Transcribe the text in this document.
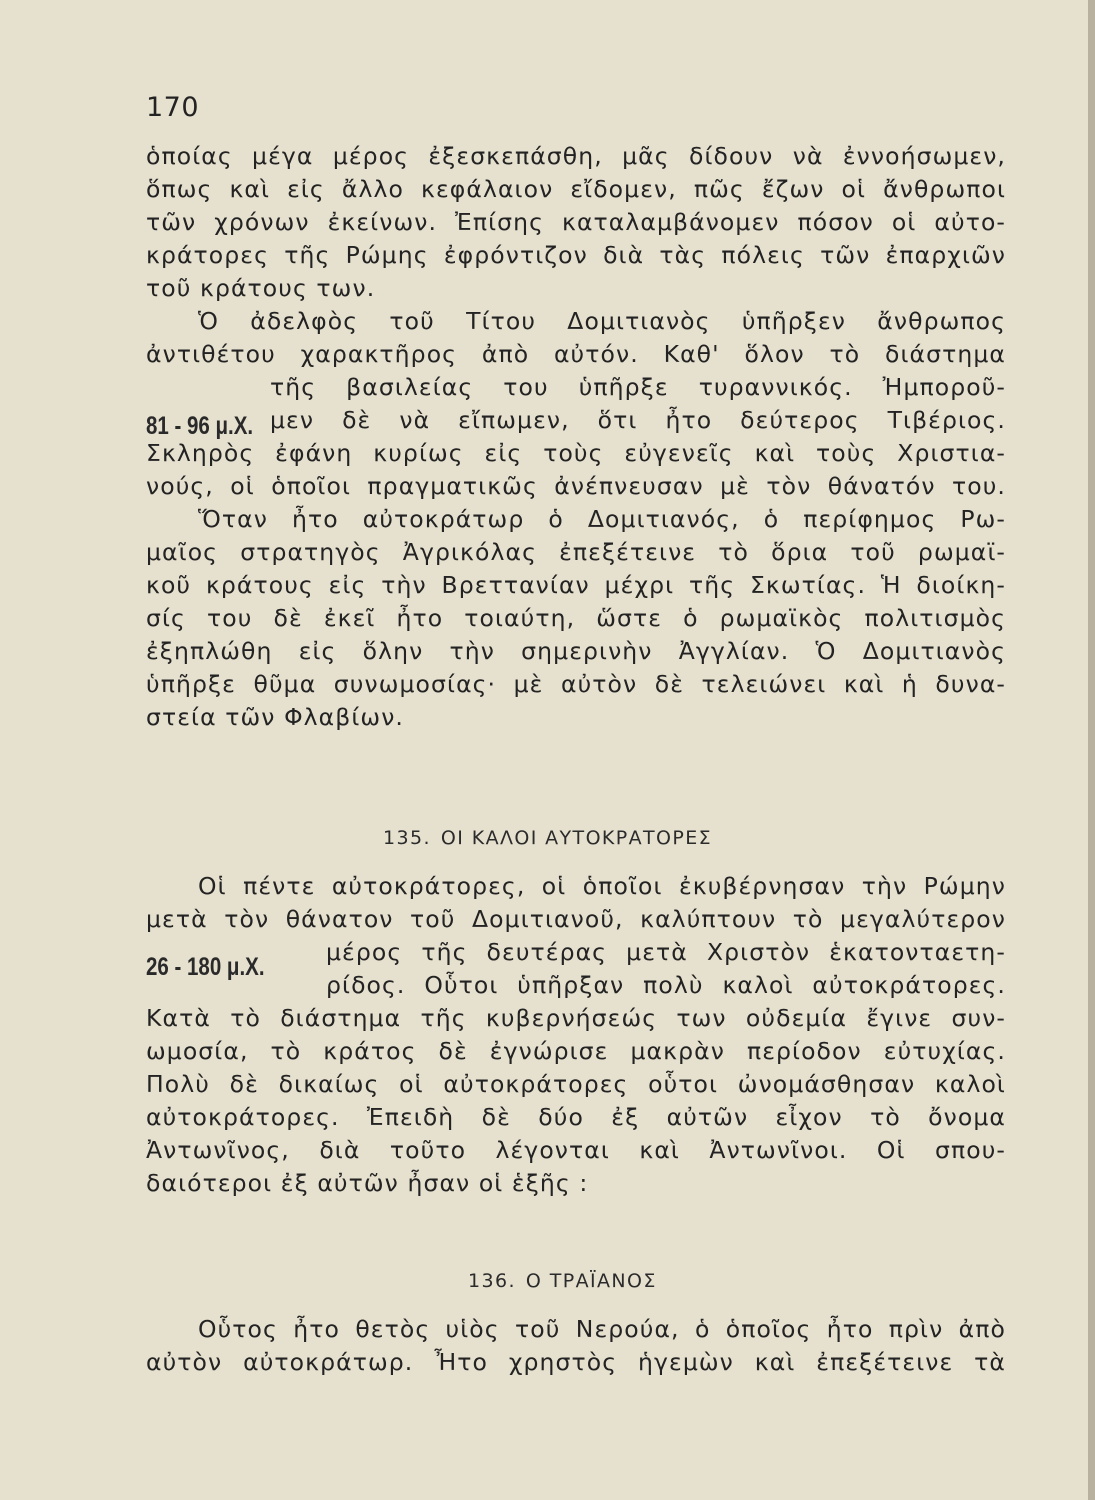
170
ὁποίας μέγα μέρος ἐξεσκεπάσθη, μᾶς δίδουν νὰ ἐννοήσωμεν,
ὅπως καὶ εἰς ἄλλο κεφάλαιον εἴδομεν, πῶς ἔζων οἱ ἄνθρωποι
τῶν χρόνων ἐκείνων. Ἐπίσης καταλαμβάνομεν πόσον οἱ αὐτο-
κράτορες τῆς Ρώμης ἐφρόντιζον διὰ τὰς πόλεις τῶν ἐπαρχιῶν
τοῦ κράτους των.
Ὁ ἀδελφὸς τοῦ Τίτου Δομιτιανὸς ὑπῆρξεν ἄνθρωπος
ἀντιθέτου χαρακτῆρος ἀπὸ αὐτόν. Καθ' ὅλον τὸ διάστημα
τῆς βασιλείας του ὑπῆρξε τυραννικός. Ἠμποροῦ-
μεν δὲ νὰ εἴπωμεν, ὅτι ἦτο δεύτερος Τιβέριος.
Σκληρὸς ἐφάνη κυρίως εἰς τοὺς εὐγενεῖς καὶ τοὺς Χριστια-
νούς, οἱ ὁποῖοι πραγματικῶς ἀνέπνευσαν μὲ τὸν θάνατόν του.
Ὅταν ἦτο αὐτοκράτωρ ὁ Δομιτιανός, ὁ περίφημος Ρω-
μαῖος στρατηγὸς Ἀγρικόλας ἐπεξέτεινε τὸ ὅρια τοῦ ρωμαϊ-
κοῦ κράτους εἰς τὴν Βρεττανίαν μέχρι τῆς Σκωτίας. Ἡ διοίκη-
σίς του δὲ ἐκεῖ ἦτο τοιαύτη, ὥστε ὁ ρωμαϊκὸς πολιτισμὸς
ἐξηπλώθη εἰς ὅλην τὴν σημερινὴν Ἀγγλίαν. Ὁ Δομιτιανὸς
ὑπῆρξε θῦμα συνωμοσίας· μὲ αὐτὸν δὲ τελειώνει καὶ ἡ δυνα-
στεία τῶν Φλαβίων.
81 - 96 μ.Χ.
135. ΟΙ ΚΑΛΟΙ ΑΥΤΟΚΡΑΤΟΡΕΣ
Οἱ πέντε αὐτοκράτορες, οἱ ὁποῖοι ἐκυβέρνησαν τὴν Ρώμην
μετὰ τὸν θάνατον τοῦ Δομιτιανοῦ, καλύπτουν τὸ μεγαλύτερον
μέρος τῆς δευτέρας μετὰ Χριστὸν ἑκατονταετη-
ρίδος. Οὗτοι ὑπῆρξαν πολὺ καλοὶ αὐτοκράτορες.
Κατὰ τὸ διάστημα τῆς κυβερνήσεώς των οὐδεμία ἔγινε συν-
ωμοσία, τὸ κράτος δὲ ἐγνώρισε μακρὰν περίοδον εὐτυχίας.
Πολὺ δὲ δικαίως οἱ αὐτοκράτορες οὗτοι ὠνομάσθησαν καλοὶ
αὐτοκράτορες. Ἐπειδὴ δὲ δύο ἐξ αὐτῶν εἶχον τὸ ὄνομα
Ἀντωνῖνος, διὰ τοῦτο λέγονται καὶ Ἀντωνῖνοι. Οἱ σπου-
δαιότεροι ἐξ αὐτῶν ἦσαν οἱ ἑξῆς :
26 - 180 μ.Χ.
136. Ο ΤΡΑΪΑΝΟΣ
Οὗτος ἦτο θετὸς υἱὸς τοῦ Νερούα, ὁ ὁποῖος ἦτο πρὶν ἀπὸ
αὐτὸν αὐτοκράτωρ. Ἦτο χρηστὸς ἡγεμὼν καὶ ἐπεξέτεινε τὰ
